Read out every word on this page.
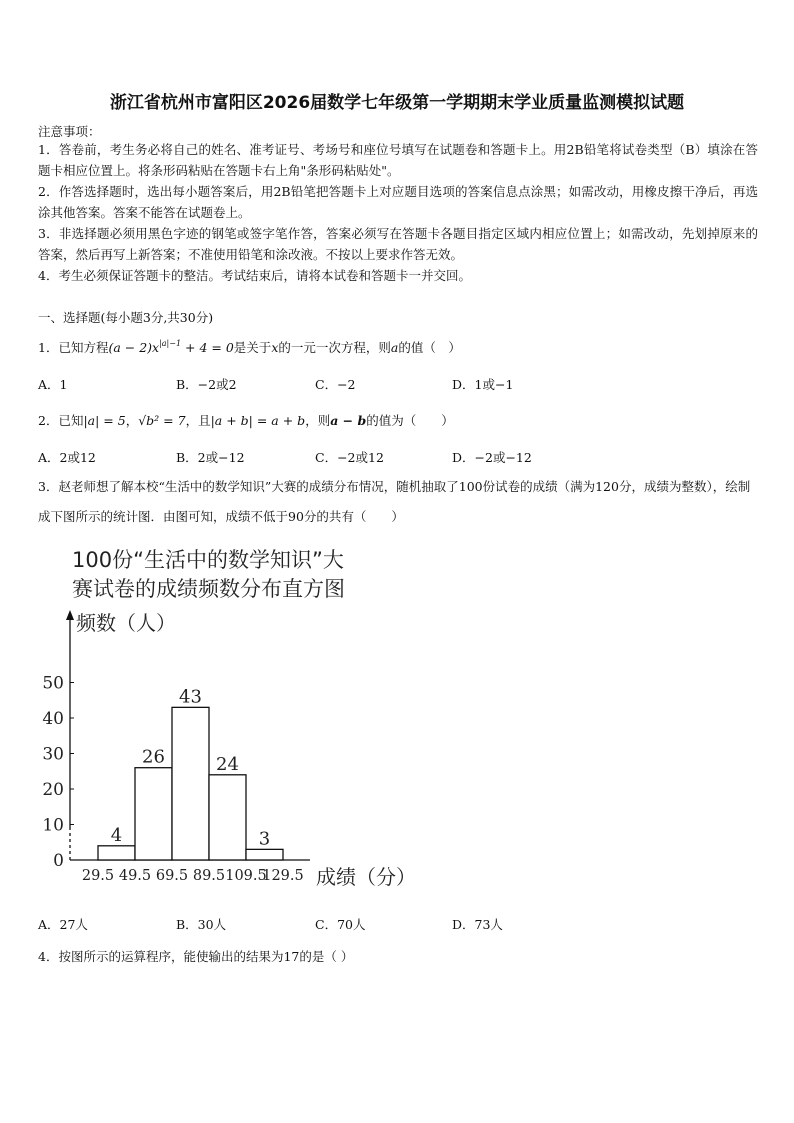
浙江省杭州市富阳区2026届数学七年级第一学期期末学业质量监测模拟试题
注意事项：

1．答卷前，考生务必将自己的姓名、准考证号、考场号和座位号填写在试题卷和答题卡上。用2B铅笔将试卷类型（B）填涂在答题卡相应位置上。将条形码粘贴在答题卡右上角"条形码粘贴处"。

2．作答选择题时，选出每小题答案后，用2B铅笔把答题卡上对应题目选项的答案信息点涂黑；如需改动，用橡皮擦干净后，再选涂其他答案。答案不能答在试题卷上。

3．非选择题必须用黑色字迹的钢笔或签字笔作答，答案必须写在答题卡各题目指定区域内相应位置上；如需改动，先划掉原来的答案，然后再写上新答案；不准使用铅笔和涂改液。不按以上要求作答无效。

4．考生必须保证答题卡的整洁。考试结束后，请将本试卷和答题卡一并交回。

一、选择题(每小题3分,共30分)
1．已知方程$(a - 2)x^{|a|-1} + 4 = 0$是关于x的一元一次方程，则a的值（　）
A．1	B．−2或2	C．−2	D．1或−1
2．已知|a| = 5，√b² = 7，且|a + b| = a + b，则a − b的值为（　　）
A．2或12	B．2或−12	C．−2或12	D．−2或−12
3．赵老师想了解本校“生活中的数学知识”大赛的成绩分布情况，随机抽取了100份试卷的成绩（满为120分，成绩为整数），绘制成下图所示的统计图．由图可知，成绩不低于90分的共有（　　）
100份“生活中的数学知识”大
赛试卷的成绩频数分布直方图
频数（人）
0
10
20
30
40
50
4
26
43
24
3
29.5 49.5 69.5 89.5 109.5
129.5 成绩（分）
A．27人	B．30人	C．70人	D．73人
4．按图所示的运算程序，能使输出的结果为17的是（ ）
